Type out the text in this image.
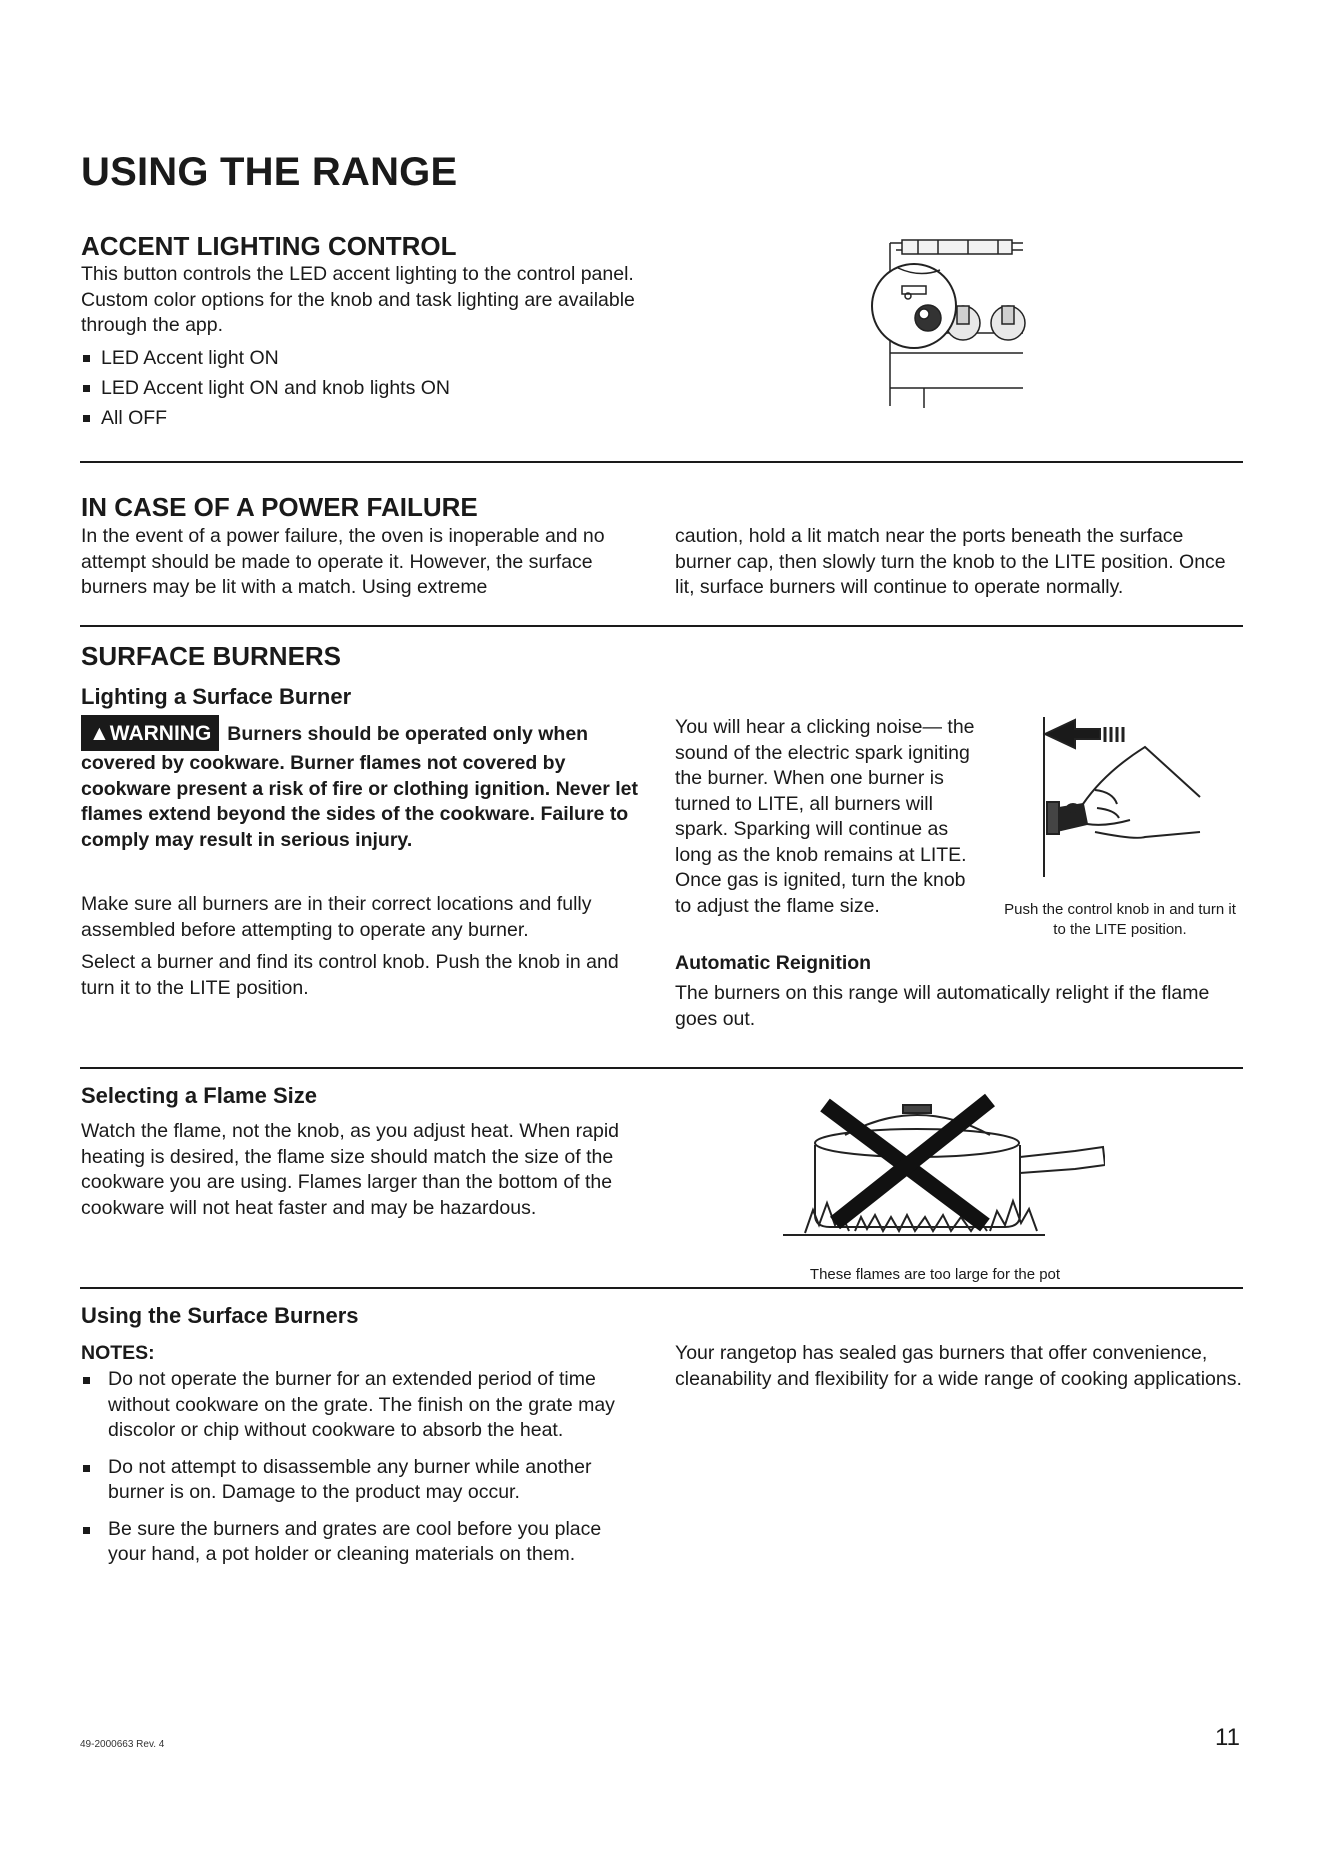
USING THE RANGE
ACCENT LIGHTING CONTROL

This button controls the LED accent lighting to the control panel. Custom color options for the knob and task lighting are available through the app.

LED Accent light ON
LED Accent light ON and knob lights ON
All OFF
IN CASE OF A POWER FAILURE

In the event of a power failure, the oven is inoperable and no attempt should be made to operate it. However, the surface burners may be lit with a match. Using extreme

caution, hold a lit match near the ports beneath the surface burner cap, then slowly turn the knob to the LITE position. Once lit, surface burners will continue to operate normally.

SURFACE BURNERS
Lighting a Surface Burner
▲WARNING Burners should be operated only when covered by cookware. Burner flames not covered by cookware present a risk of fire or clothing ignition. Never let flames extend beyond the sides of the cookware. Failure to comply may result in serious injury.

Make sure all burners are in their correct locations and fully assembled before attempting to operate any burner.

Select a burner and find its control knob. Push the knob in and turn it to the LITE position.

You will hear a clicking noise— the sound of the electric spark igniting the burner. When one burner is turned to LITE, all burners will spark. Sparking will continue as long as the knob remains at LITE. Once gas is ignited, turn the knob to adjust the flame size.	Push the control knob in and turn it to the LITE position.

Automatic Reignition

The burners on this range will automatically relight if the flame goes out.

Selecting a Flame Size

Watch the flame, not the knob, as you adjust heat. When rapid heating is desired, the flame size should match the size of the cookware you are using. Flames larger than the bottom of the cookware will not heat faster and may be hazardous.

These flames are too large for the pot

Using the Surface Burners

NOTES:

Do not operate the burner for an extended period of time without cookware on the grate. The finish on the grate may discolor or chip without cookware to absorb the heat.
Do not attempt to disassemble any burner while another burner is on. Damage to the product may occur.
Be sure the burners and grates are cool before you place your hand, a pot holder or cleaning materials on them.

Your rangetop has sealed gas burners that offer convenience, cleanability and flexibility for a wide range of cooking applications.

49-2000663 Rev. 4	11
